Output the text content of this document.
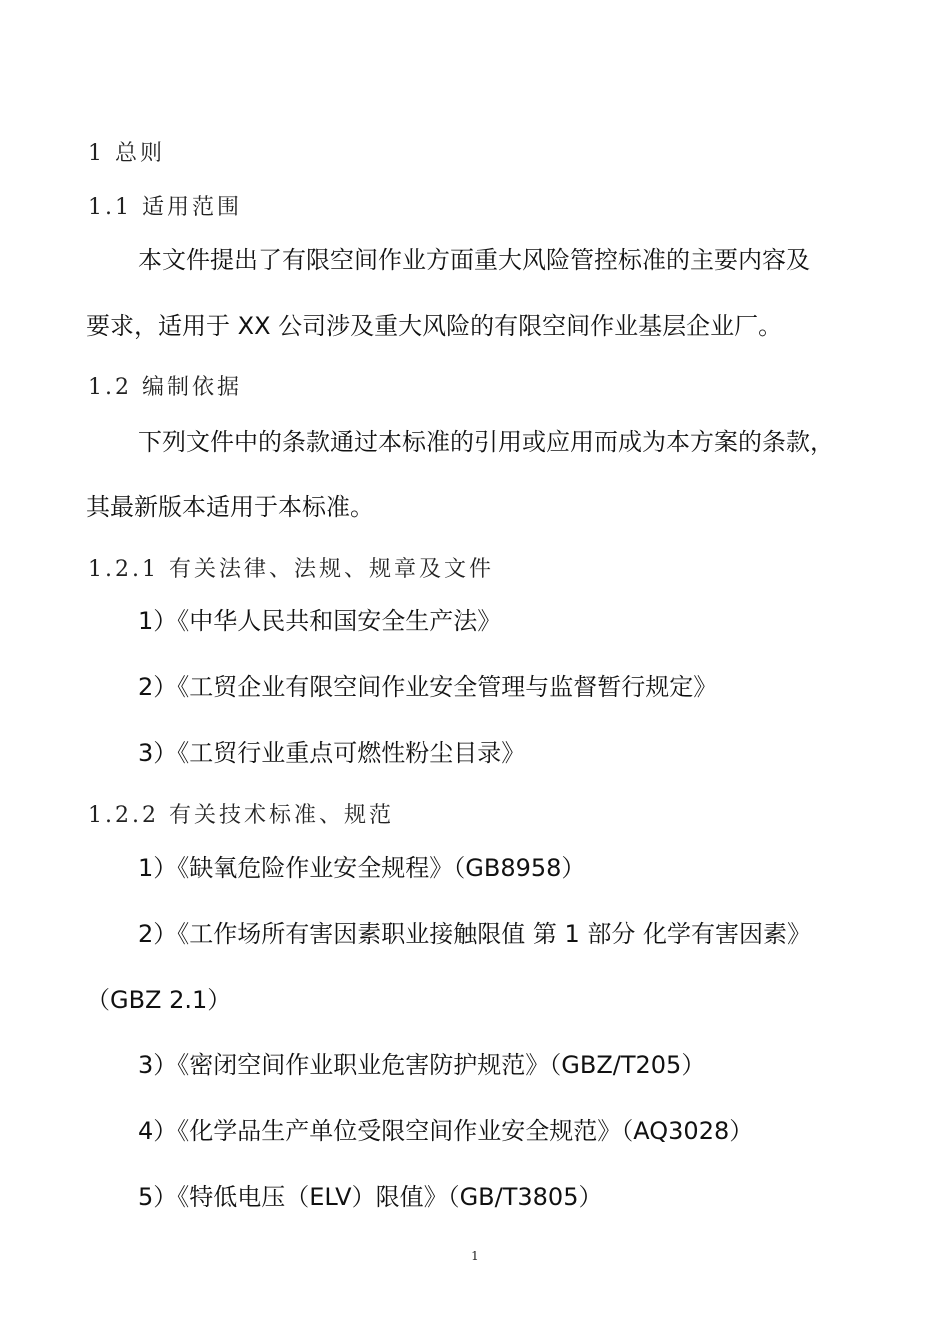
1 总则
1.1 适用范围
本文件提出了有限空间作业方面重大风险管控标准的主要内容及
要求，适用于 XX 公司涉及重大风险的有限空间作业基层企业厂。
1.2 编制依据
下列文件中的条款通过本标准的引用或应用而成为本方案的条款，
其最新版本适用于本标准。
1.2.1 有关法律、法规、规章及文件
1）《中华人民共和国安全生产法》
2）《工贸企业有限空间作业安全管理与监督暂行规定》
3）《工贸行业重点可燃性粉尘目录》
1.2.2 有关技术标准、规范
1）《缺氧危险作业安全规程》（GB8958）
2）《工作场所有害因素职业接触限值 第 1 部分 化学有害因素》
（GBZ 2.1）
3）《密闭空间作业职业危害防护规范》（GBZ/T205）
4）《化学品生产单位受限空间作业安全规范》（AQ3028）
5）《特低电压（ELV）限值》（GB/T3805）
1
